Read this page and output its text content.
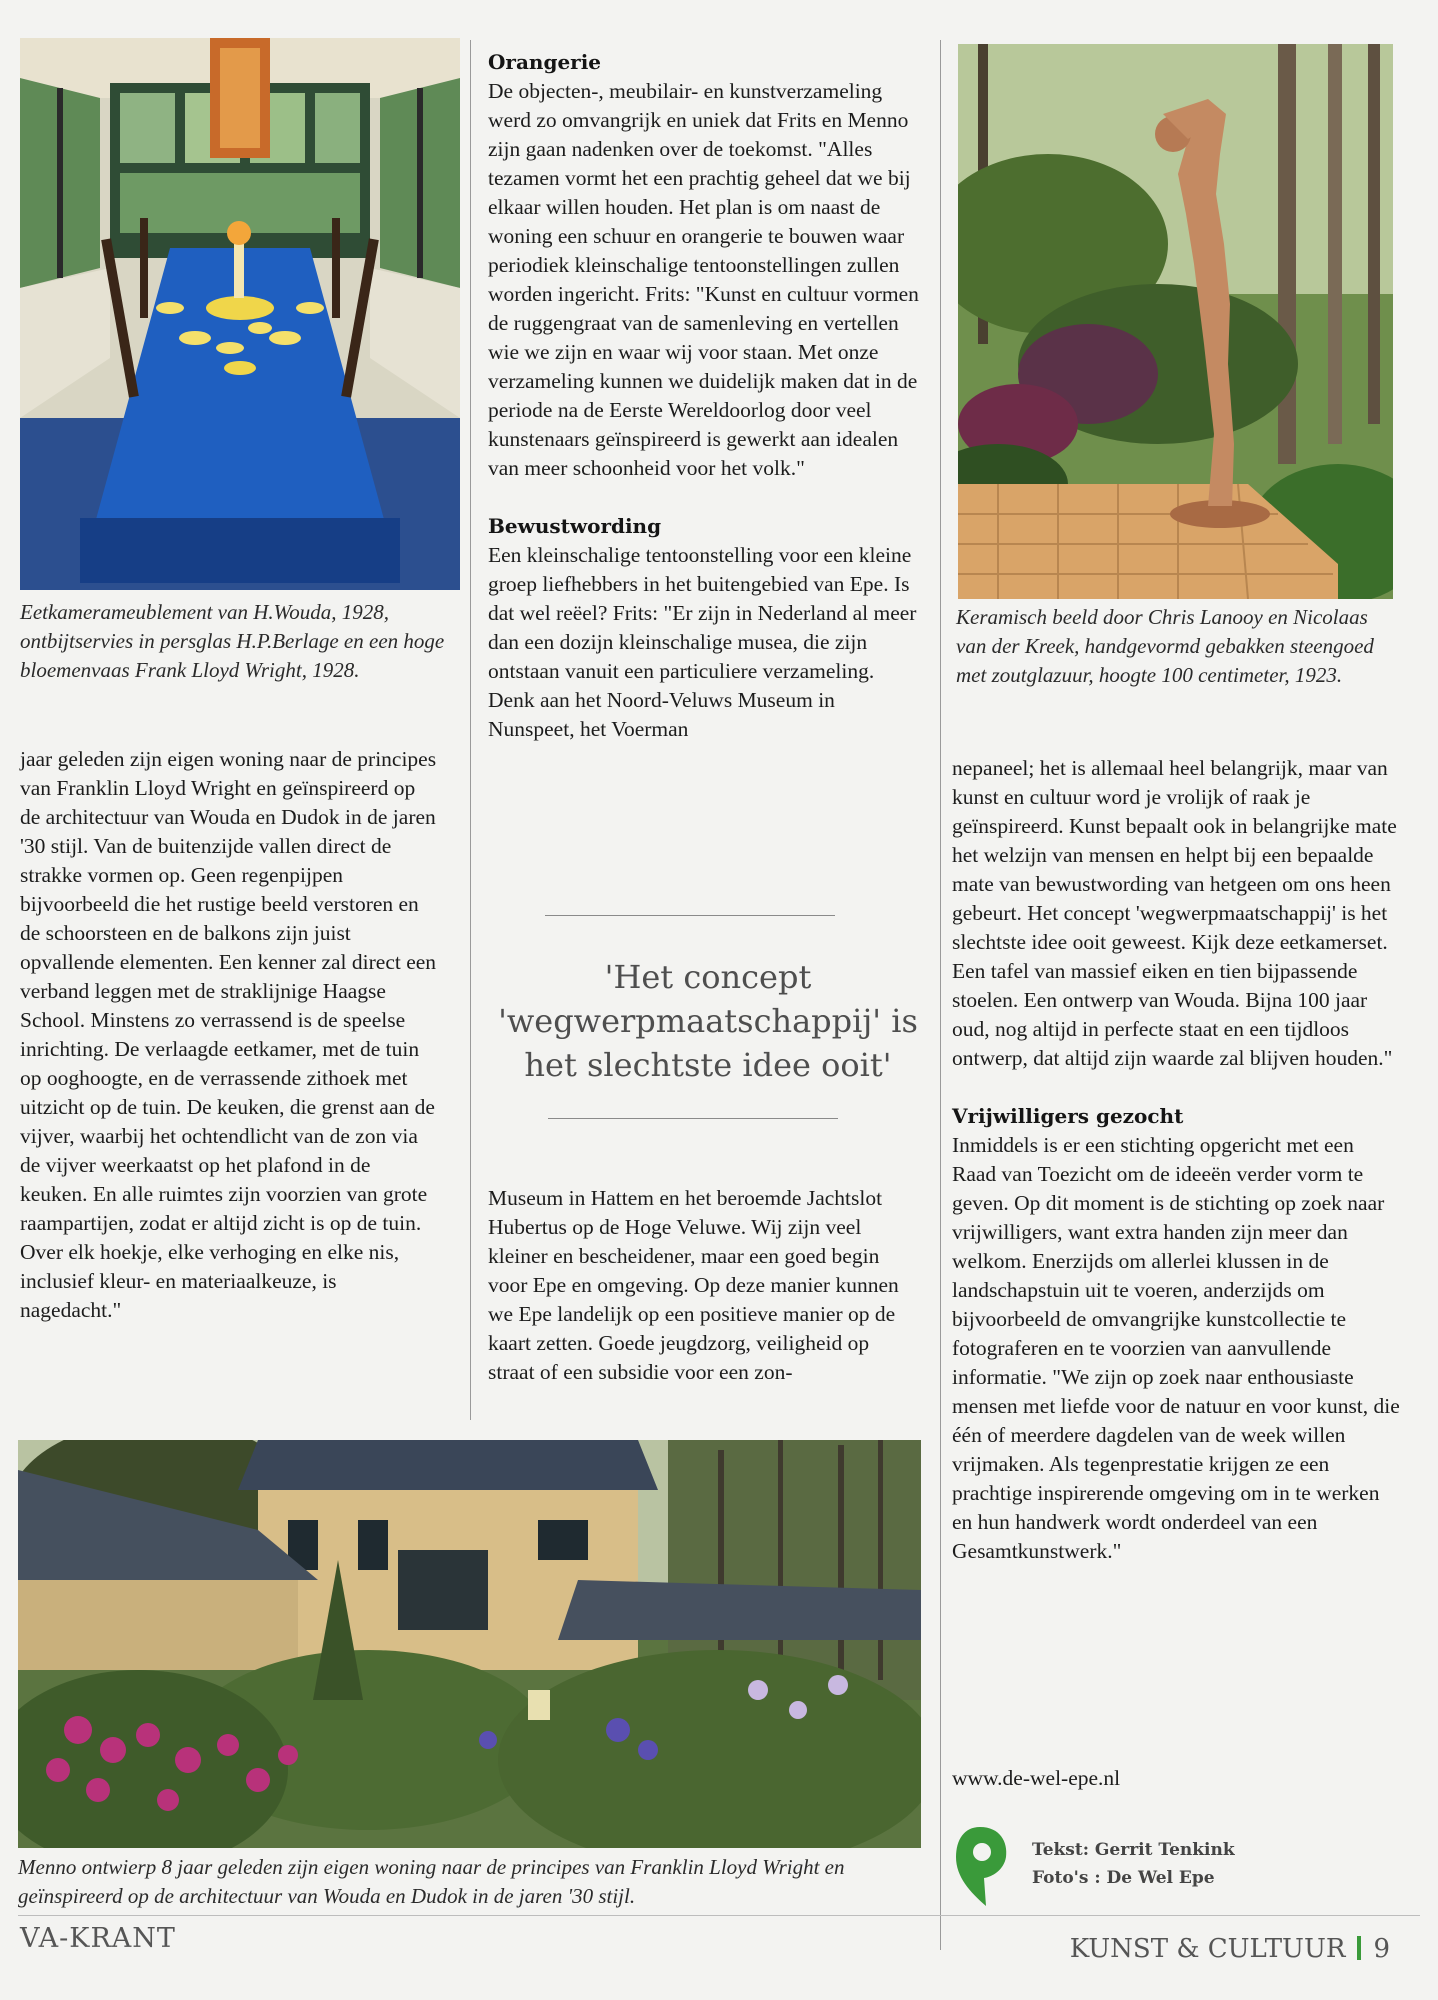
Eetkamerameublement van H.Wouda, 1928, ontbijtservies in persglas H.P.Berlage en een hoge bloemenvaas Frank Lloyd Wright, 1928.

jaar geleden zijn eigen woning naar de principes van Franklin Lloyd Wright en geïnspireerd op de architectuur van Wouda en Dudok in de jaren '30 stijl. Van de buitenzijde vallen direct de strakke vormen op. Geen regenpijpen bijvoorbeeld die het rustige beeld verstoren en de schoorsteen en de balkons zijn juist opvallende elementen. Een kenner zal direct een verband leggen met de straklijnige Haagse School. Minstens zo verrassend is de speelse inrichting. De verlaagde eetkamer, met de tuin op ooghoogte, en de verrassende zithoek met uitzicht op de tuin. De keuken, die grenst aan de vijver, waarbij het ochtendlicht van de zon via de vijver weerkaatst op het plafond in de keuken. En alle ruimtes zijn voorzien van grote raampartijen, zodat er altijd zicht is op de tuin. Over elk hoekje, elke verhoging en elke nis, inclusief kleur- en materiaalkeuze, is nagedacht."

Orangerie

De objecten-, meubilair- en kunstverzameling werd zo omvangrijk en uniek dat Frits en Menno zijn gaan nadenken over de toekomst. "Alles tezamen vormt het een prachtig geheel dat we bij elkaar willen houden. Het plan is om naast de woning een schuur en orangerie te bouwen waar periodiek kleinschalige tentoonstellingen zullen worden ingericht. Frits: "Kunst en cultuur vormen de ruggengraat van de samenleving en vertellen wie we zijn en waar wij voor staan. Met onze verzameling kunnen we duidelijk maken dat in de periode na de Eerste Wereldoorlog door veel kunstenaars geïnspireerd is gewerkt aan idealen van meer schoonheid voor het volk."

Bewustwording

Een kleinschalige tentoonstelling voor een kleine groep liefhebbers in het buitengebied van Epe. Is dat wel reëel? Frits: "Er zijn in Nederland al meer dan een dozijn kleinschalige musea, die zijn ontstaan vanuit een particuliere verzameling. Denk aan het Noord-Veluws Museum in Nunspeet, het Voerman

'Het concept
'wegwerpmaatschappij' is
het slechtste idee ooit'

Museum in Hattem en het beroemde Jachtslot Hubertus op de Hoge Veluwe. Wij zijn veel kleiner en bescheidener, maar een goed begin voor Epe en omgeving. Op deze manier kunnen we Epe landelijk op een positieve manier op de kaart zetten. Goede jeugdzorg, veiligheid op straat of een subsidie voor een zon-

Keramisch beeld door Chris Lanooy en Nicolaas van der Kreek, handgevormd gebakken steengoed met zoutglazuur, hoogte 100 centimeter, 1923.

nepaneel; het is allemaal heel belangrijk, maar van kunst en cultuur word je vrolijk of raak je geïnspireerd. Kunst bepaalt ook in belangrijke mate het welzijn van mensen en helpt bij een bepaalde mate van bewustwording van hetgeen om ons heen gebeurt. Het concept 'wegwerpmaatschappij' is het slechtste idee ooit geweest. Kijk deze eetkamerset. Een tafel van massief eiken en tien bijpassende stoelen. Een ontwerp van Wouda. Bijna 100 jaar oud, nog altijd in perfecte staat en een tijdloos ontwerp, dat altijd zijn waarde zal blijven houden."

Vrijwilligers gezocht

Inmiddels is er een stichting opgericht met een Raad van Toezicht om de ideeën verder vorm te geven. Op dit moment is de stichting op zoek naar vrijwilligers, want extra handen zijn meer dan welkom. Enerzijds om allerlei klussen in de landschapstuin uit te voeren, anderzijds om bijvoorbeeld de omvangrijke kunstcollectie te fotograferen en te voorzien van aanvullende informatie. "We zijn op zoek naar enthousiaste mensen met liefde voor de natuur en voor kunst, die één of meerdere dagdelen van de week willen vrijmaken. Als tegenprestatie krijgen ze een prachtige inspirerende omgeving om in te werken en hun handwerk wordt onderdeel van een Gesamtkunstwerk."

www.de-wel-epe.nl
Tekst: Gerrit Tenkink
Foto's : De Wel Epe

Menno ontwierp 8 jaar geleden zijn eigen woning naar de principes van Franklin Lloyd Wright en geïnspireerd op de architectuur van Wouda en Dudok in de jaren '30 stijl.

VA-KRANT	KUNST & CULTUUR 9
